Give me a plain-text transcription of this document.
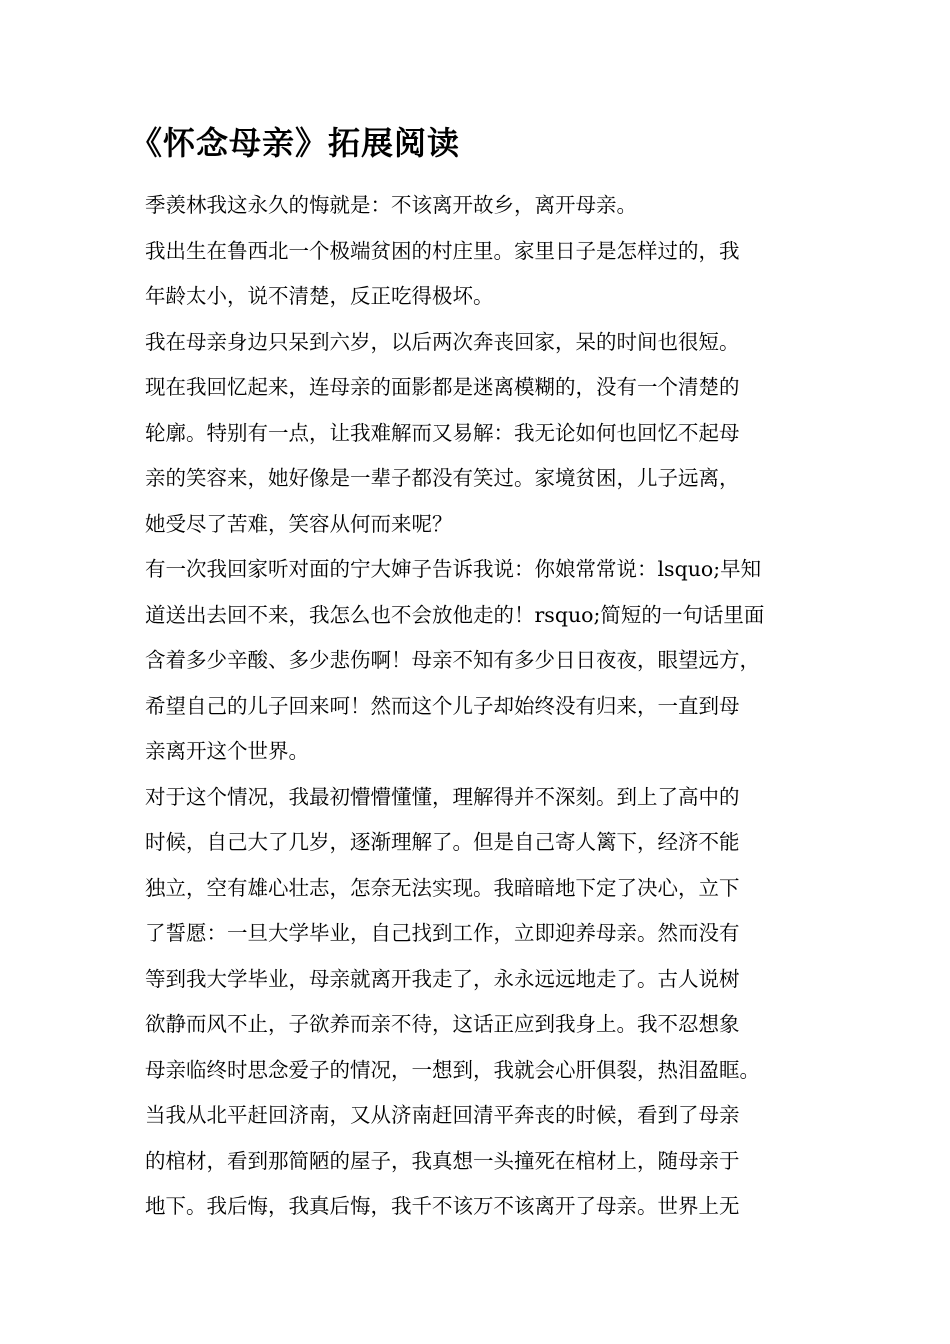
《怀念母亲》拓展阅读
季羡林我这永久的悔就是：不该离开故乡，离开母亲。
我出生在鲁西北一个极端贫困的村庄里。家里日子是怎样过的，我
年龄太小，说不清楚，反正吃得极坏。
我在母亲身边只呆到六岁，以后两次奔丧回家，呆的时间也很短。
现在我回忆起来，连母亲的面影都是迷离模糊的，没有一个清楚的
轮廓。特别有一点，让我难解而又易解：我无论如何也回忆不起母
亲的笑容来，她好像是一辈子都没有笑过。家境贫困，儿子远离，
她受尽了苦难，笑容从何而来呢？
有一次我回家听对面的宁大婶子告诉我说：你娘常常说：lsquo;早知
道送出去回不来，我怎么也不会放他走的！rsquo;简短的一句话里面
含着多少辛酸、多少悲伤啊！母亲不知有多少日日夜夜，眼望远方，
希望自己的儿子回来呵！然而这个儿子却始终没有归来，一直到母
亲离开这个世界。
对于这个情况，我最初懵懵懂懂，理解得并不深刻。到上了高中的
时候，自己大了几岁，逐渐理解了。但是自己寄人篱下，经济不能
独立，空有雄心壮志，怎奈无法实现。我暗暗地下定了决心，立下
了誓愿：一旦大学毕业，自己找到工作，立即迎养母亲。然而没有
等到我大学毕业，母亲就离开我走了，永永远远地走了。古人说树
欲静而风不止，子欲养而亲不待，这话正应到我身上。我不忍想象
母亲临终时思念爱子的情况，一想到，我就会心肝俱裂，热泪盈眶。
当我从北平赶回济南，又从济南赶回清平奔丧的时候，看到了母亲
的棺材，看到那简陋的屋子，我真想一头撞死在棺材上，随母亲于
地下。我后悔，我真后悔，我千不该万不该离开了母亲。世界上无
